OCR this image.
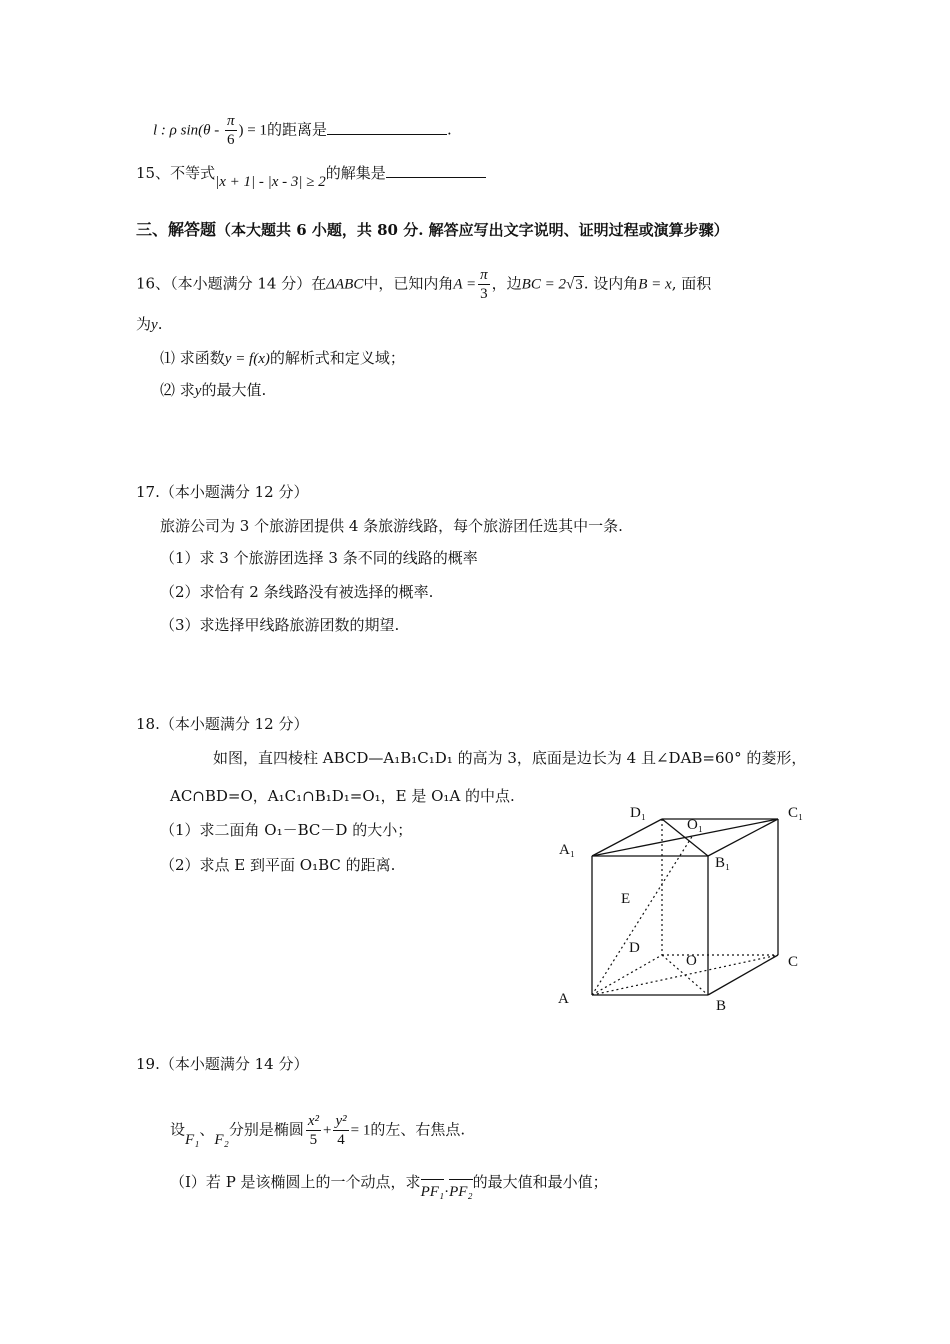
l : ρ $\sin(\theta - \frac{\pi}{6}$ ) = 1的距离是	.
15、不等式|x + 1| - |x - 3| ≥ 2的解集是
三、解答题（本大题共 6 小题，共 80 分. 解答应写出文字说明、证明过程或演算步骤）
16、（本小题满分 14 分）在ΔABC中，已知内角$A = \frac{\pi}{3}$ ，边BC = 2√3. 设内角B = x, 面积
为y.
⑴ 求函数y = f(x)的解析式和定义域；
⑵ 求y的最大值.
17.（本小题满分 12 分）
旅游公司为 3 个旅游团提供 4 条旅游线路，每个旅游团任选其中一条.
（1）求 3 个旅游团选择 3 条不同的线路的概率
（2）求恰有 2 条线路没有被选择的概率.
（3）求选择甲线路旅游团数的期望.
18.（本小题满分 12 分）
如图，直四棱柱 ABCD—A₁B₁C₁D₁ 的高为 3，底面是边长为 4 且∠DAB=60° 的菱形，
AC∩BD=O，A₁C₁∩B₁D₁=O₁，E 是 O₁A 的中点.
（1）求二面角 O₁－BC－D 的大小；
（2）求点 E 到平面 O₁BC 的距离.
D₁
O₁
C₁
A₁
B₁
E
D
O	C
A	B
19.（本小题满分 14 分）
设F₁、F₂分别是椭圆 $\frac{\text{x²}}{5} + \frac{\text{y²}}{4} = 1$的左、右焦点.
（Ⅰ）若 P 是该椭圆上的一个动点，求PF₁·PF₂的最大值和最小值；
